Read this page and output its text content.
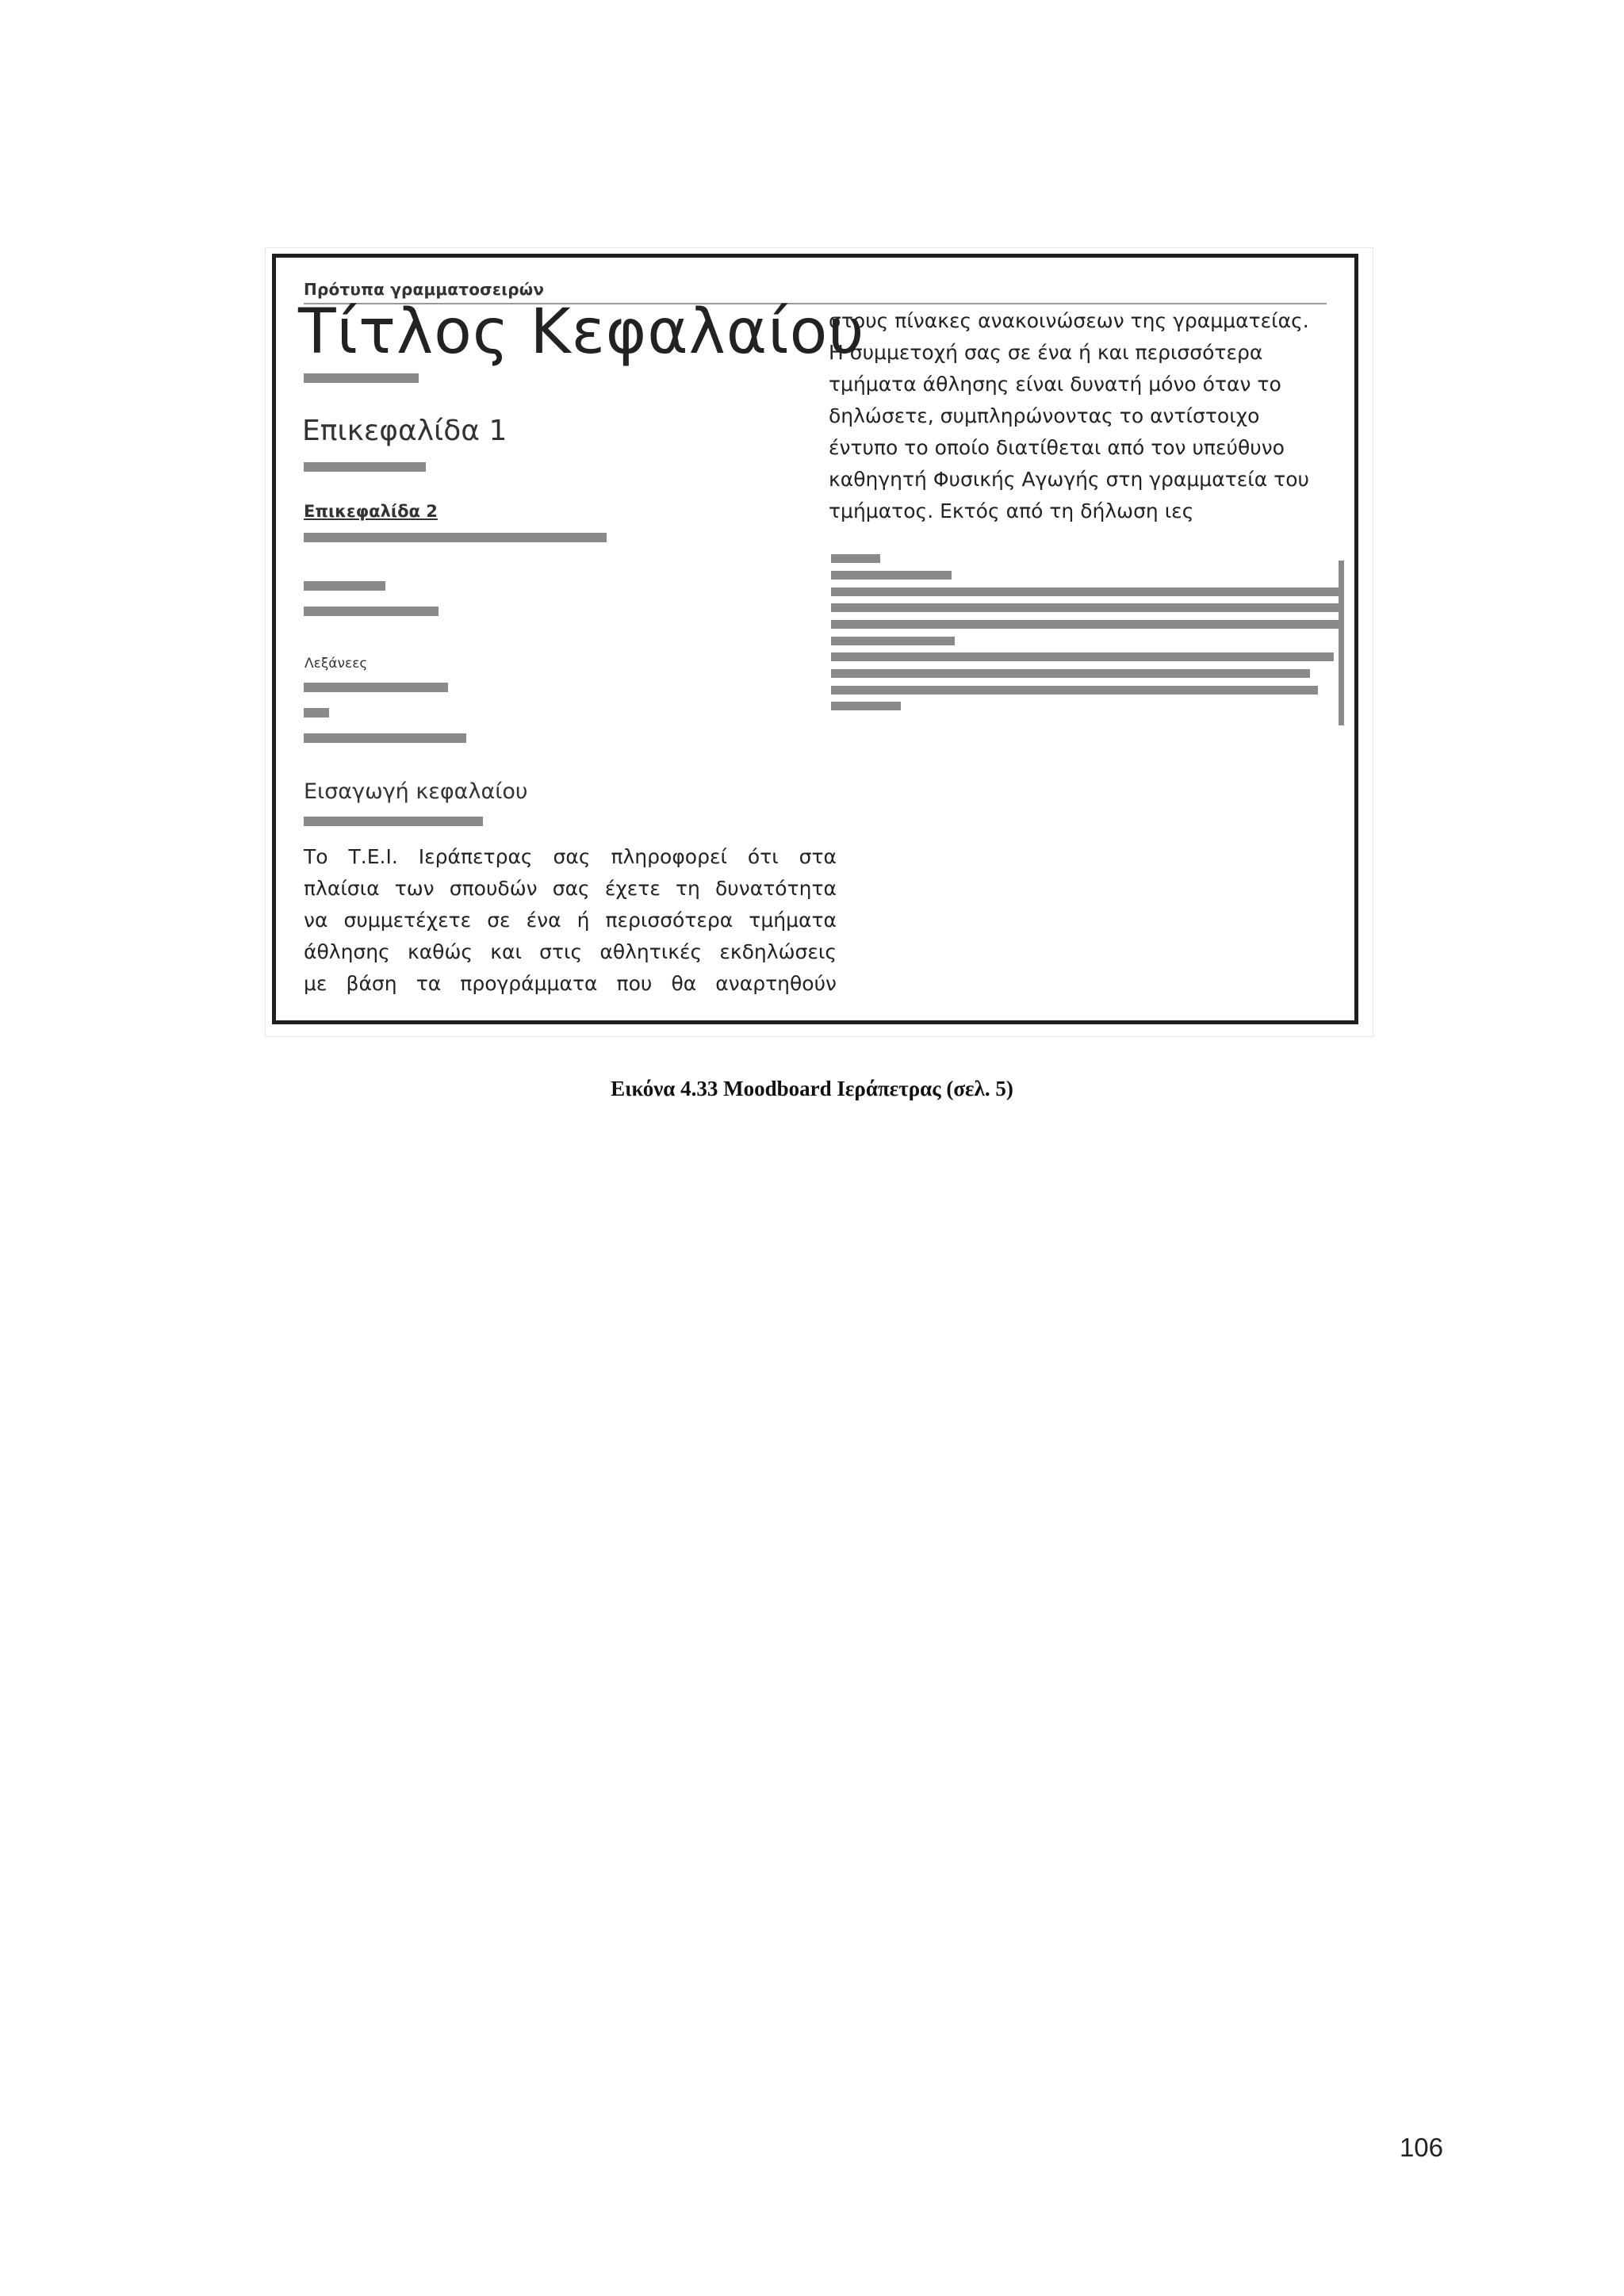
Πρότυπα γραμματοσειρών
Τίτλος Κεφαλαίου
Επικεφαλίδα 1
Επικεφαλίδα 2
Λεξάνεες
Εισαγωγή κεφαλαίου
Το Τ.Ε.Ι. Ιεράπετρας σας πληροφορεί ότι στα
πλαίσια των σπουδών σας έχετε τη δυνατότητα
να συμμετέχετε σε ένα ή περισσότερα τμήματα
άθλησης καθώς και στις αθλητικές εκδηλώσεις
με βάση τα προγράμματα που θα αναρτηθούν
στους πίνακες ανακοινώσεων της γραμματείας.
Η συμμετοχή σας σε ένα ή και περισσότερα
τμήματα άθλησης είναι δυνατή μόνο όταν το
δηλώσετε, συμπληρώνοντας το αντίστοιχο
έντυπο το οποίο διατίθεται από τον υπεύθυνο
καθηγητή Φυσικής Αγωγής στη γραμματεία του
τμήματος. Εκτός από τη δήλωση ιες
Εικόνα 4.33 Moodboard Ιεράπετρας (σελ. 5)
106
